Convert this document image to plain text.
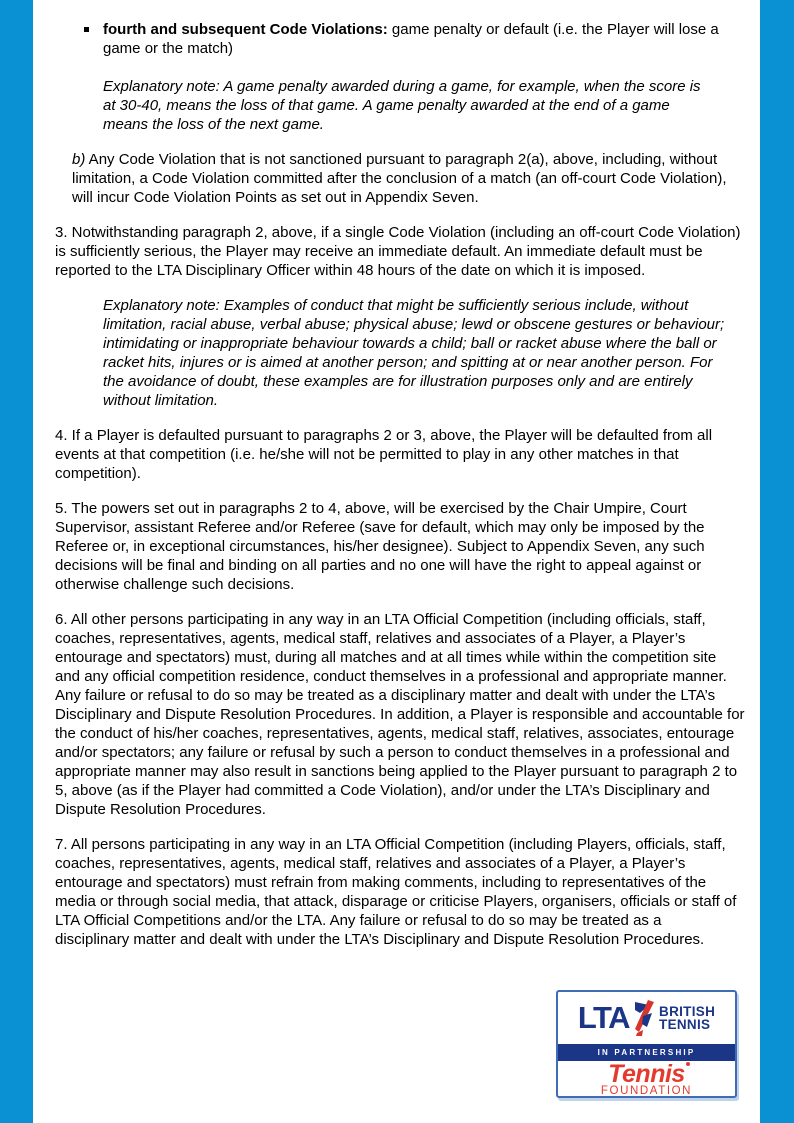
fourth and subsequent Code Violations: game penalty or default (i.e. the Player will lose a game or the match)
Explanatory note: A game penalty awarded during a game, for example, when the score is at 30-40, means the loss of that game. A game penalty awarded at the end of a game means the loss of the next game.
b) Any Code Violation that is not sanctioned pursuant to paragraph 2(a), above, including, without limitation, a Code Violation committed after the conclusion of a match (an off-court Code Violation), will incur Code Violation Points as set out in Appendix Seven.
3. Notwithstanding paragraph 2, above, if a single Code Violation (including an off-court Code Violation) is sufficiently serious, the Player may receive an immediate default. An immediate default must be reported to the LTA Disciplinary Officer within 48 hours of the date on which it is imposed.
Explanatory note: Examples of conduct that might be sufficiently serious include, without limitation, racial abuse, verbal abuse; physical abuse; lewd or obscene gestures or behaviour; intimidating or inappropriate behaviour towards a child; ball or racket abuse where the ball or racket hits, injures or is aimed at another person; and spitting at or near another person. For the avoidance of doubt, these examples are for illustration purposes only and are entirely without limitation.
4. If a Player is defaulted pursuant to paragraphs 2 or 3, above, the Player will be defaulted from all events at that competition (i.e. he/she will not be permitted to play in any other matches in that competition).
5. The powers set out in paragraphs 2 to 4, above, will be exercised by the Chair Umpire, Court Supervisor, assistant Referee and/or Referee (save for default, which may only be imposed by the Referee or, in exceptional circumstances, his/her designee). Subject to Appendix Seven, any such decisions will be final and binding on all parties and no one will have the right to appeal against or otherwise challenge such decisions.
6. All other persons participating in any way in an LTA Official Competition (including officials, staff, coaches, representatives, agents, medical staff, relatives and associates of a Player, a Player’s entourage and spectators) must, during all matches and at all times while within the competition site and any official competition residence, conduct themselves in a professional and appropriate manner. Any failure or refusal to do so may be treated as a disciplinary matter and dealt with under the LTA’s Disciplinary and Dispute Resolution Procedures. In addition, a Player is responsible and accountable for the conduct of his/her coaches, representatives, agents, medical staff, relatives, associates, entourage and/or spectators; any failure or refusal by such a person to conduct themselves in a professional and appropriate manner may also result in sanctions being applied to the Player pursuant to paragraph 2 to 5, above (as if the Player had committed a Code Violation), and/or under the LTA’s Disciplinary and Dispute Resolution Procedures.
7. All persons participating in any way in an LTA Official Competition (including Players, officials, staff, coaches, representatives, agents, medical staff, relatives and associates of a Player, a Player’s entourage and spectators) must refrain from making comments, including to representatives of the media or through social media, that attack, disparage or criticise Players, organisers, officials or staff of LTA Official Competitions and/or the LTA. Any failure or refusal to do so may be treated as a disciplinary matter and dealt with under the LTA’s Disciplinary and Dispute Resolution Procedures.
LTA BRITISH
TENNIS
IN PARTNERSHIP
Tennis
FOUNDATION
